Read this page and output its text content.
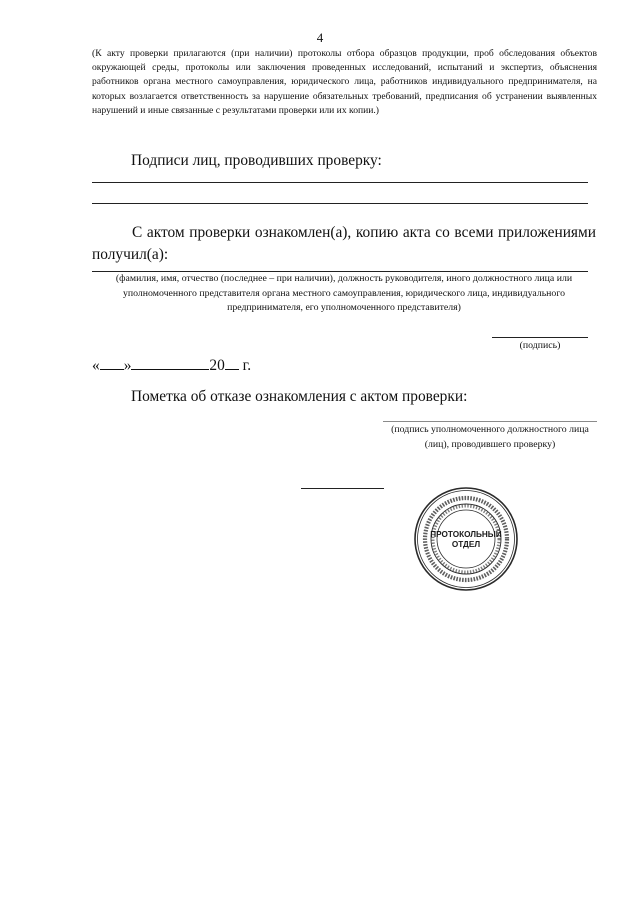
4
(К акту проверки прилагаются (при наличии) протоколы отбора образцов продукции, проб обследования объектов окружающей среды, протоколы или заключения проведенных исследований, испытаний и экспертиз, объяснения работников органа местного самоуправления, юридического лица, работников индивидуального предпринимателя, на которых возлагается ответственность за нарушение обязательных требований, предписания об устранении выявленных нарушений и иные связанные с результатами проверки или их копии.)
Подписи лиц, проводивших проверку:
С актом проверки ознакомлен(а), копию акта со всеми приложениями получил(а):
(фамилия, имя, отчество (последнее – при наличии), должность руководителя, иного должностного лица или уполномоченного представителя органа местного самоуправления, юридического лица, индивидуального предпринимателя, его уполномоченного представителя)
(подпись)
« »	20 г.
Пометка об отказе ознакомления с актом проверки:
(подпись уполномоченного должностного лица (лиц), проводившего проверку)
ПРОТОКОЛЬНЫЙ
ОТДЕЛ
